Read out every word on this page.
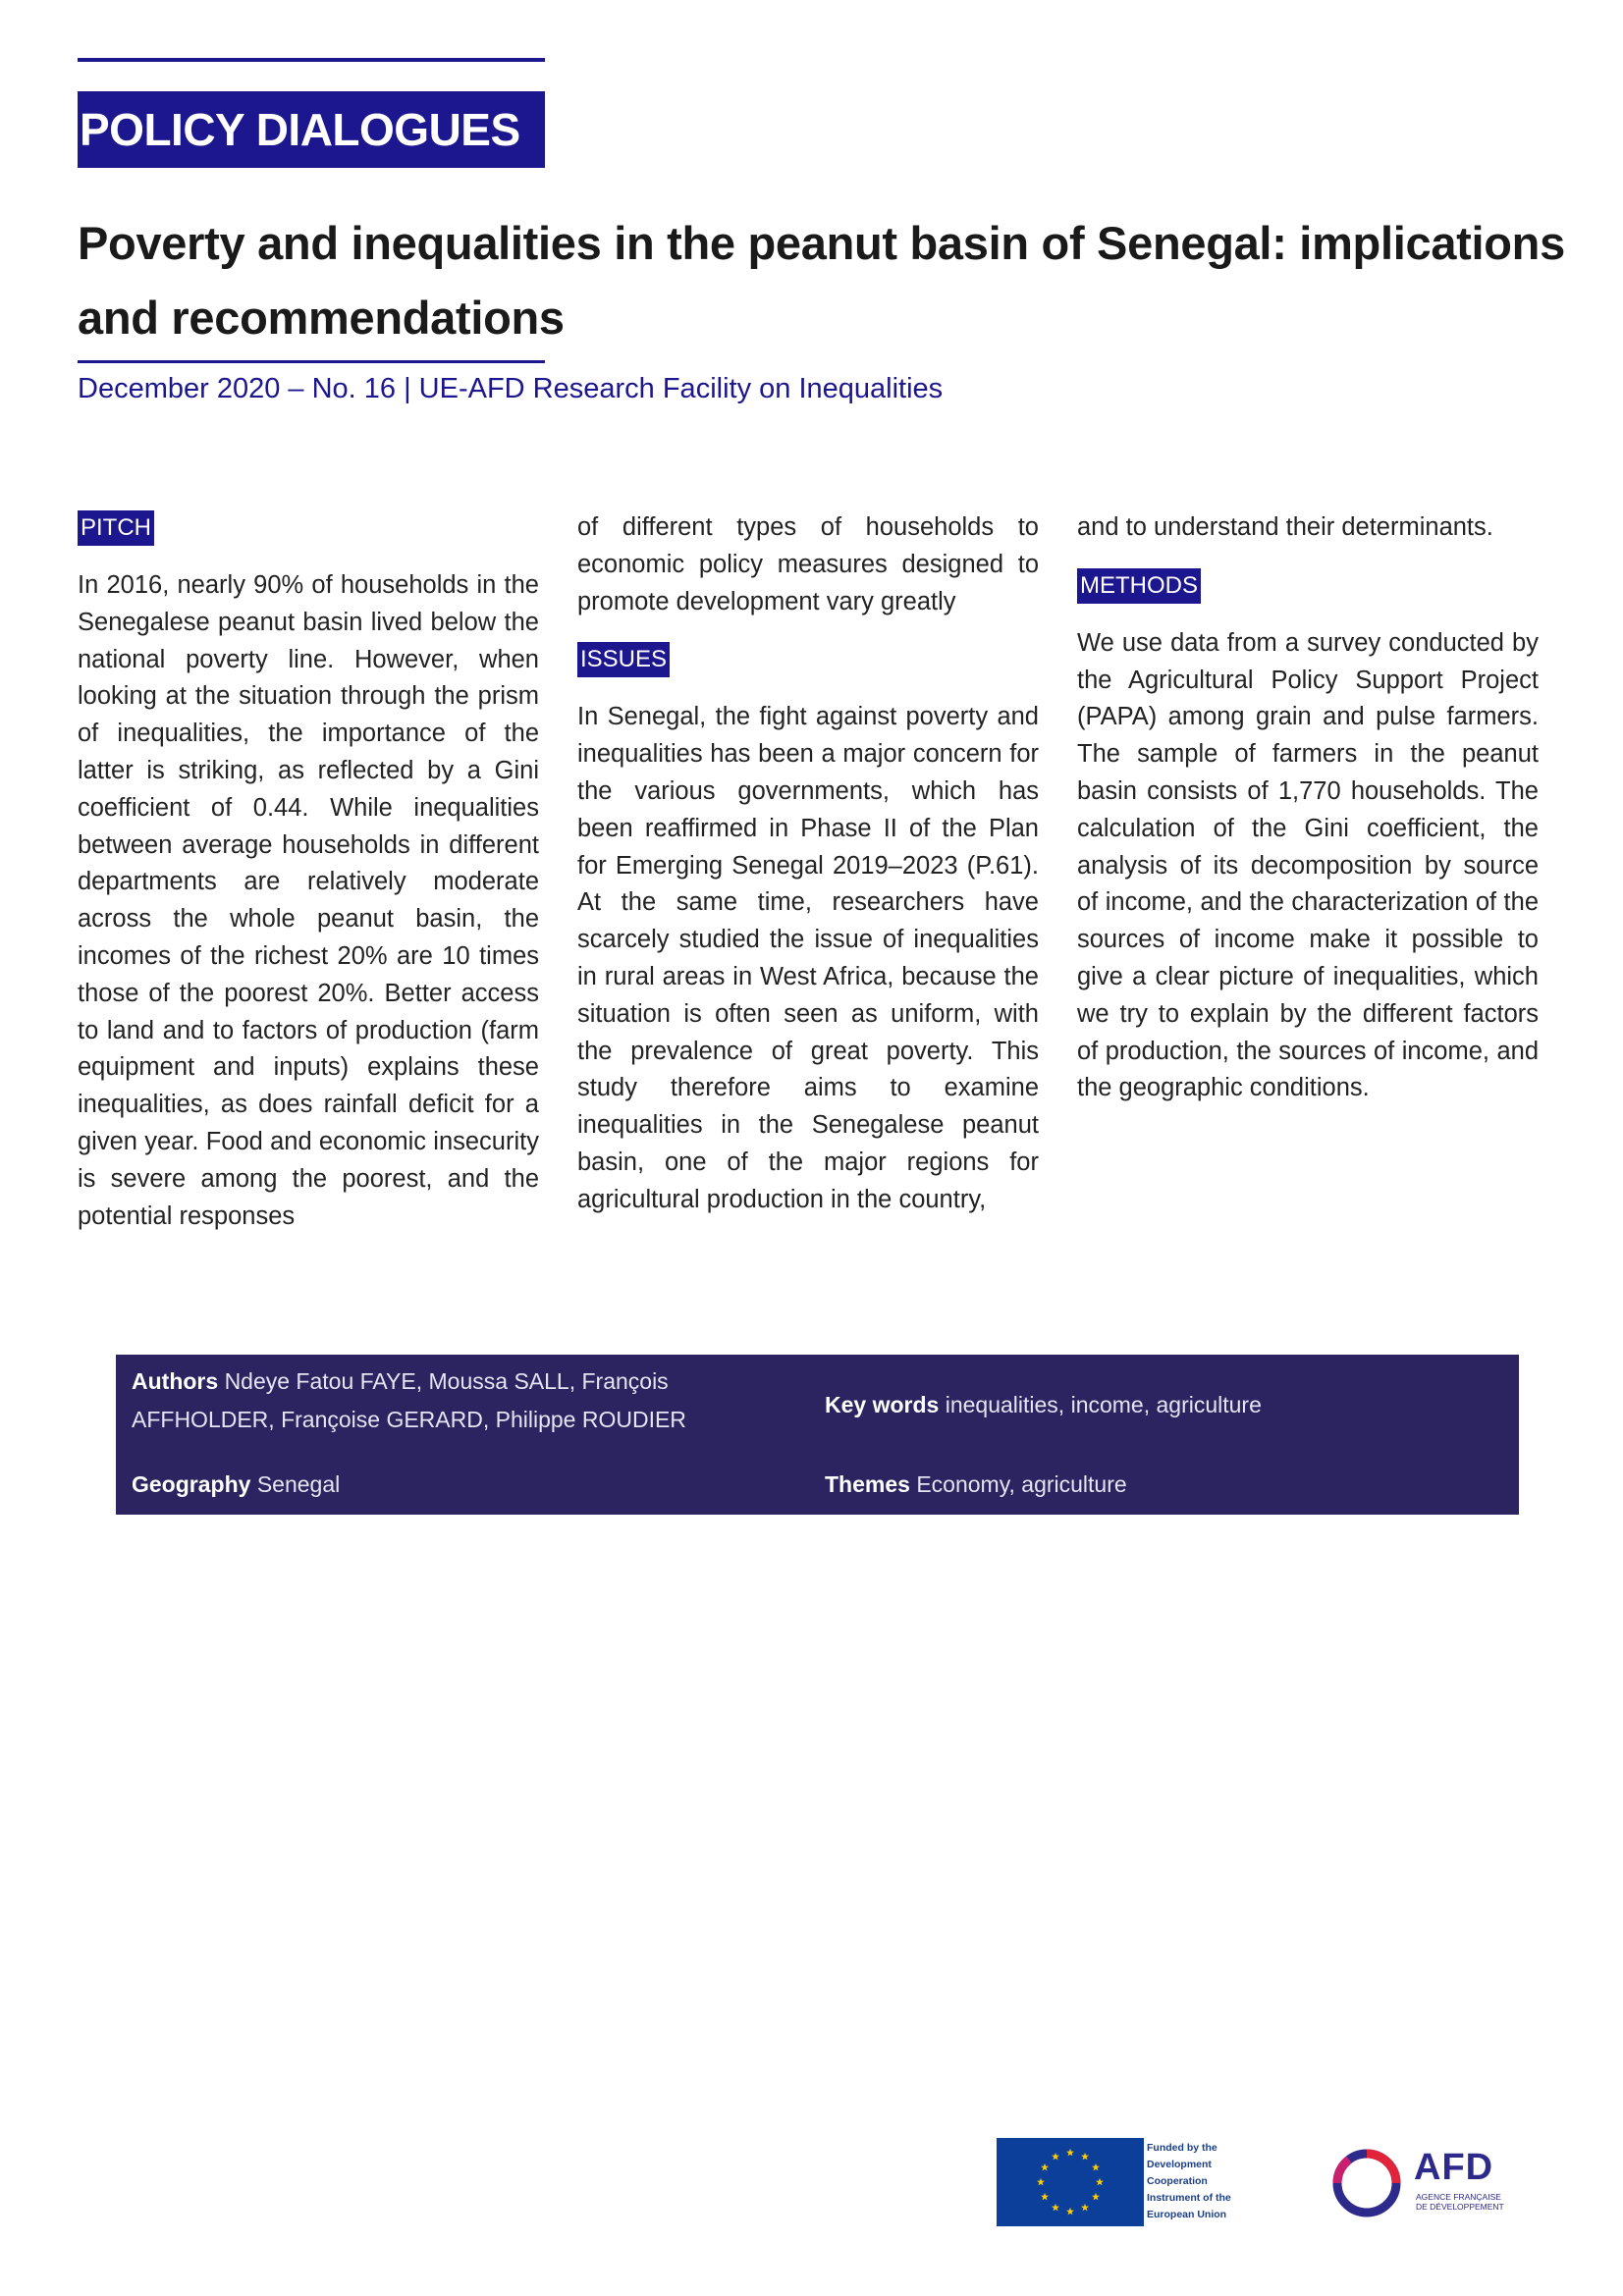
POLICY DIALOGUES
Poverty and inequalities in the peanut basin of Senegal: implications and recommendations

December 2020 – No. 16 | UE-AFD Research Facility on Inequalities

PITCH

In 2016, nearly 90% of households in the Senegalese peanut basin lived below the national poverty line. However, when looking at the situation through the prism of inequalities, the importance of the latter is striking, as reflected by a Gini coefficient of 0.44. While inequalities between average households in different departments are relatively moderate across the whole peanut basin, the incomes of the richest 20% are 10 times those of the poorest 20%. Better access to land and to factors of production (farm equipment and inputs) explains these inequalities, as does rainfall deficit for a given year. Food and economic insecurity is severe among the poorest, and the potential responses

of different types of households to economic policy measures designed to promote development vary greatly

ISSUES

In Senegal, the fight against poverty and inequalities has been a major concern for the various governments, which has been reaffirmed in Phase II of the Plan for Emerging Senegal 2019–2023 (P.61). At the same time, researchers have scarcely studied the issue of inequalities in rural areas in West Africa, because the situation is often seen as uniform, with the prevalence of great poverty. This study therefore aims to examine inequalities in the Senegalese peanut basin, one of the major regions for agricultural production in the country,

and to understand their determinants.

METHODS

We use data from a survey conducted by the Agricultural Policy Support Project (PAPA) among grain and pulse farmers. The sample of farmers in the peanut basin consists of 1,770 households. The calculation of the Gini coefficient, the analysis of its decomposition by source of income, and the characterization of the sources of income make it possible to give a clear picture of inequalities, which we try to explain by the different factors of production, the sources of income, and the geographic conditions.

Authors Ndeye Fatou FAYE, Moussa SALL, François AFFHOLDER, Françoise GERARD, Philippe ROUDIER
Key words inequalities, income, agriculture
Geography Senegal	Themes Economy, agriculture
Funded by the Development Cooperation Instrument of the European Union
AFD
AGENCE FRANÇAISE DE DÉVELOPPEMENT
